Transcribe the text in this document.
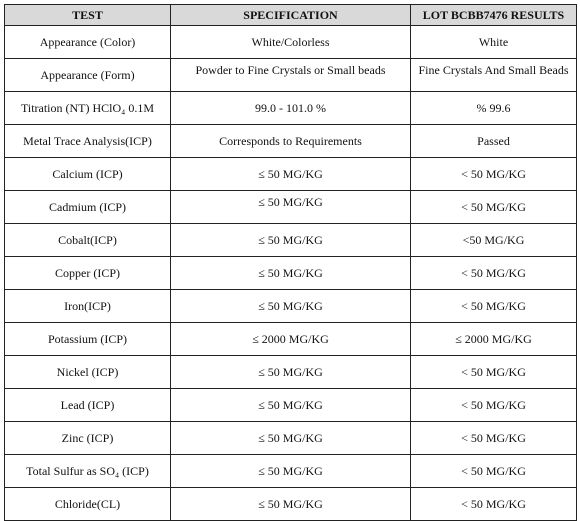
TEST	SPECIFICATION	LOT BCBB7476 RESULTS
Appearance (Color)	White/Colorless	White
Appearance (Form)	Powder to Fine Crystals or Small beads	Fine Crystals And Small Beads
Titration (NT) HClO₄ 0.1M	99.0 - 101.0 %	% 99.6
Metal Trace Analysis(ICP)	Corresponds to Requirements	Passed
Calcium (ICP)	≤ 50 MG/KG	< 50 MG/KG
Cadmium (ICP)	≤ 50 MG/KG	< 50 MG/KG
Cobalt(ICP)	≤ 50 MG/KG	<50 MG/KG
Copper (ICP)	≤ 50 MG/KG	< 50 MG/KG
Iron(ICP)	≤ 50 MG/KG	< 50 MG/KG
Potassium (ICP)	≤ 2000 MG/KG	≤ 2000 MG/KG
Nickel (ICP)	≤ 50 MG/KG	< 50 MG/KG
Lead (ICP)	≤ 50 MG/KG	< 50 MG/KG
Zinc (ICP)	≤ 50 MG/KG	< 50 MG/KG
Total Sulfur as SO₄ (ICP)	≤ 50 MG/KG	< 50 MG/KG
Chloride(CL)	≤ 50 MG/KG	< 50 MG/KG
